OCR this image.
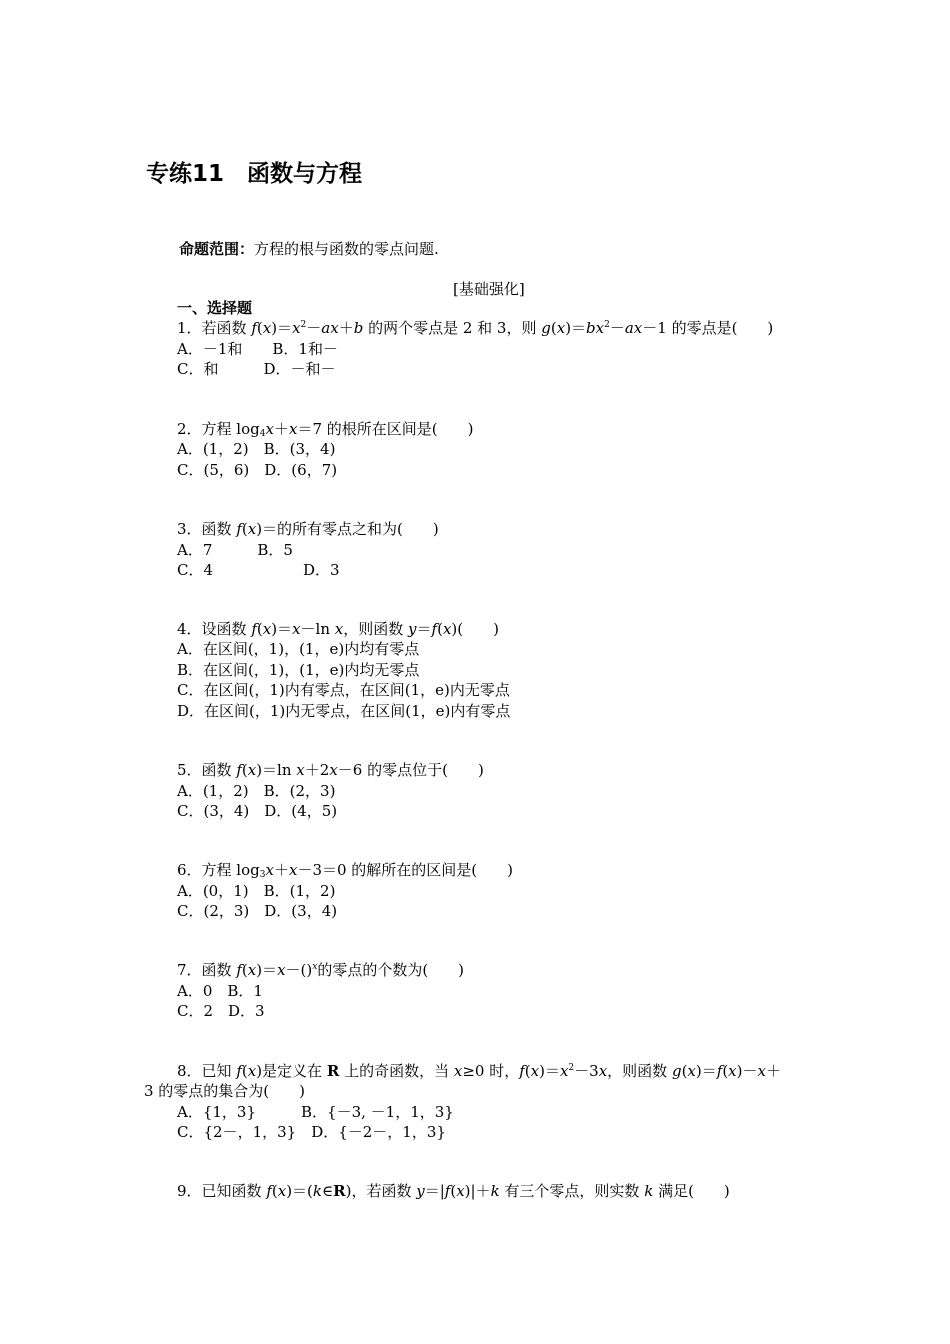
专练11　函数与方程
命题范围：方程的根与函数的零点问题.
[基础强化]
一、选择题
1．若函数 $f(x)=x^2-ax+b$ 的两个零点是 2 和 3，则 $g(x)=bx^2-ax-1$ 的零点是(　　)
A．－1和　　B．1和－
C．和　　　D．－和－
2．方程 $\log_4x+x=7$ 的根所在区间是(　　)
A．(1，2)　B．(3，4)
C．(5，6)　D．(6，7)
3．函数 f(x)＝的所有零点之和为(　　)
A．7　　　B．5
C．4　　　　　　D．3
4．设函数 f(x)＝x－ln x，则函数 y＝f(x)(　　)
A．在区间(，1)，(1，e)内均有零点
B．在区间(，1)，(1，e)内均无零点
C．在区间(，1)内有零点，在区间(1，e)内无零点
D．在区间(，1)内无零点，在区间(1，e)内有零点
5．函数 f(x)＝ln x＋2x－6 的零点位于(　　)
A．(1，2)　B．(2，3)
C．(3，4)　D．(4，5)
6．方程 $\log_3x+x-3=0$ 的解所在的区间是(　　)
A．(0，1)　B．(1，2)
C．(2，3)　D．(3，4)
7．函数 f(x)＝x－()$^x$的零点的个数为(　　)
A．0　B．1
C．2　D．3
8．已知 f(x)是定义在 R 上的奇函数，当 x≥0 时，$f(x)=x^2-3x$，则函数 g(x)＝f(x)－x＋
3 的零点的集合为(　　)
A．{1，3}　　　B．{－3, －1，1，3}
C．{2－，1，3}　D．{－2－，1，3}
9．已知函数 f(x)＝(k∈R)，若函数 y＝|f(x)|＋k 有三个零点，则实数 k 满足(　　)
